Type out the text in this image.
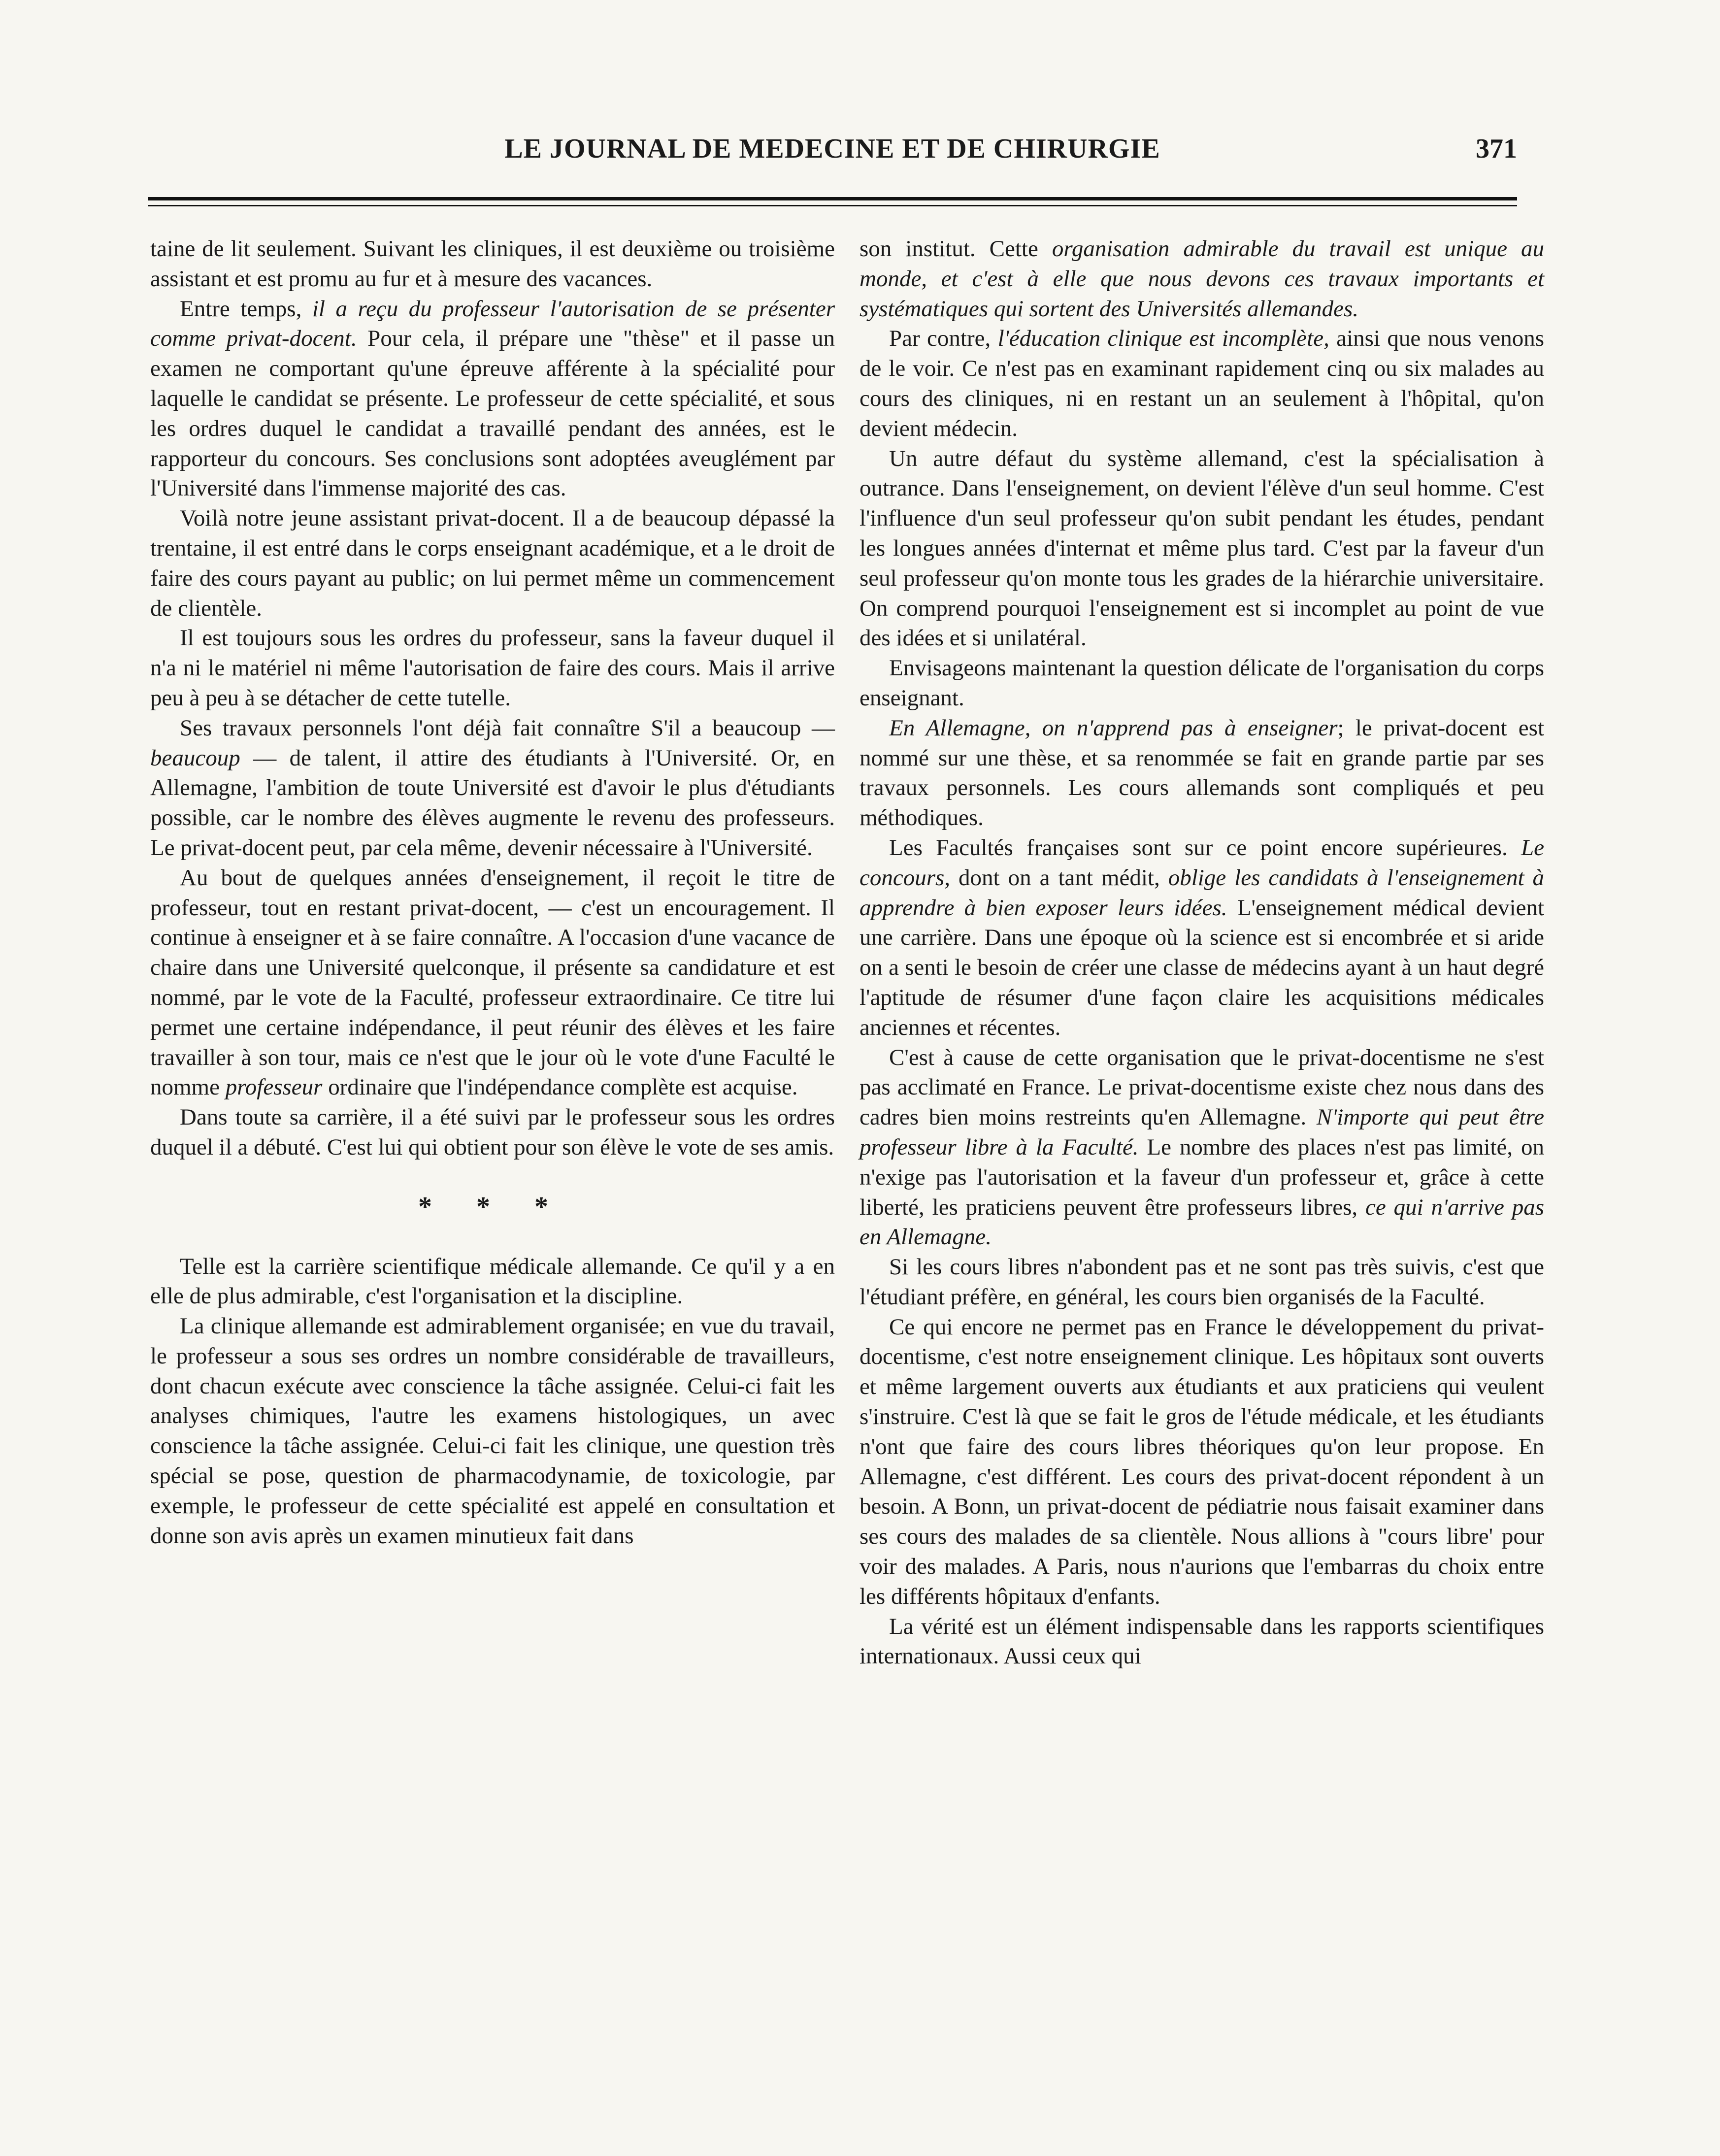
LE JOURNAL DE MEDECINE ET DE CHIRURGIE	371

taine de lit seulement. Suivant les cliniques, il est deuxième ou troisième assistant et est promu au fur et à mesure des vacances.

Entre temps, il a reçu du professeur l'autorisation de se présenter comme privat-docent. Pour cela, il prépare une "thèse" et il passe un examen ne comportant qu'une épreuve afférente à la spécialité pour laquelle le candidat se présente. Le professeur de cette spécialité, et sous les ordres duquel le candidat a travaillé pendant des années, est le rapporteur du concours. Ses conclusions sont adoptées aveuglément par l'Université dans l'immense majorité des cas.

Voilà notre jeune assistant privat-docent. Il a de beaucoup dépassé la trentaine, il est entré dans le corps enseignant académique, et a le droit de faire des cours payant au public; on lui permet même un commencement de clientèle.

Il est toujours sous les ordres du professeur, sans la faveur duquel il n'a ni le matériel ni même l'autorisation de faire des cours. Mais il arrive peu à peu à se détacher de cette tutelle.

Ses travaux personnels l'ont déjà fait connaître S'il a beaucoup — beaucoup — de talent, il attire des étudiants à l'Université. Or, en Allemagne, l'ambition de toute Université est d'avoir le plus d'étudiants possible, car le nombre des élèves augmente le revenu des professeurs. Le privat-docent peut, par cela même, devenir nécessaire à l'Université.

Au bout de quelques années d'enseignement, il reçoit le titre de professeur, tout en restant privat-docent, — c'est un encouragement. Il continue à enseigner et à se faire connaître. A l'occasion d'une vacance de chaire dans une Université quelconque, il présente sa candidature et est nommé, par le vote de la Faculté, professeur extraordinaire. Ce titre lui permet une certaine indépendance, il peut réunir des élèves et les faire travailler à son tour, mais ce n'est que le jour où le vote d'une Faculté le nomme professeur ordinaire que l'indépendance complète est acquise.

Dans toute sa carrière, il a été suivi par le professeur sous les ordres duquel il a débuté. C'est lui qui obtient pour son élève le vote de ses amis.

* * *

Telle est la carrière scientifique médicale allemande. Ce qu'il y a en elle de plus admirable, c'est l'organisation et la discipline.

La clinique allemande est admirablement organisée; en vue du travail, le professeur a sous ses ordres un nombre considérable de travailleurs, dont chacun exécute avec conscience la tâche assignée. Celui-ci fait les analyses chimiques, l'autre les examens histologiques, un avec conscience la tâche assignée. Celui-ci fait les clinique, une question très spécial se pose, question de pharmacodynamie, de toxicologie, par exemple, le professeur de cette spécialité est appelé en consultation et donne son avis après un examen minutieux fait dans

son institut. Cette organisation admirable du travail est unique au monde, et c'est à elle que nous devons ces travaux importants et systématiques qui sortent des Universités allemandes.

Par contre, l'éducation clinique est incomplète, ainsi que nous venons de le voir. Ce n'est pas en examinant rapidement cinq ou six malades au cours des cliniques, ni en restant un an seulement à l'hôpital, qu'on devient médecin.

Un autre défaut du système allemand, c'est la spécialisation à outrance. Dans l'enseignement, on devient l'élève d'un seul homme. C'est l'influence d'un seul professeur qu'on subit pendant les études, pendant les longues années d'internat et même plus tard. C'est par la faveur d'un seul professeur qu'on monte tous les grades de la hiérarchie universitaire. On comprend pourquoi l'enseignement est si incomplet au point de vue des idées et si unilatéral.

Envisageons maintenant la question délicate de l'organisation du corps enseignant.

En Allemagne, on n'apprend pas à enseigner; le privat-docent est nommé sur une thèse, et sa renommée se fait en grande partie par ses travaux personnels. Les cours allemands sont compliqués et peu méthodiques.

Les Facultés françaises sont sur ce point encore supérieures. Le concours, dont on a tant médit, oblige les candidats à l'enseignement à apprendre à bien exposer leurs idées. L'enseignement médical devient une carrière. Dans une époque où la science est si encombrée et si aride on a senti le besoin de créer une classe de médecins ayant à un haut degré l'aptitude de résumer d'une façon claire les acquisitions médicales anciennes et récentes.

C'est à cause de cette organisation que le privat-docentisme ne s'est pas acclimaté en France. Le privat-docentisme existe chez nous dans des cadres bien moins restreints qu'en Allemagne. N'importe qui peut être professeur libre à la Faculté. Le nombre des places n'est pas limité, on n'exige pas l'autorisation et la faveur d'un professeur et, grâce à cette liberté, les praticiens peuvent être professeurs libres, ce qui n'arrive pas en Allemagne.

Si les cours libres n'abondent pas et ne sont pas très suivis, c'est que l'étudiant préfère, en général, les cours bien organisés de la Faculté.

Ce qui encore ne permet pas en France le développement du privat-docentisme, c'est notre enseignement clinique. Les hôpitaux sont ouverts et même largement ouverts aux étudiants et aux praticiens qui veulent s'instruire. C'est là que se fait le gros de l'étude médicale, et les étudiants n'ont que faire des cours libres théoriques qu'on leur propose. En Allemagne, c'est différent. Les cours des privat-docent répondent à un besoin. A Bonn, un privat-docent de pédiatrie nous faisait examiner dans ses cours des malades de sa clientèle. Nous allions à "cours libre' pour voir des malades. A Paris, nous n'aurions que l'embarras du choix entre les différents hôpitaux d'enfants.

La vérité est un élément indispensable dans les rapports scientifiques internationaux. Aussi ceux qui
